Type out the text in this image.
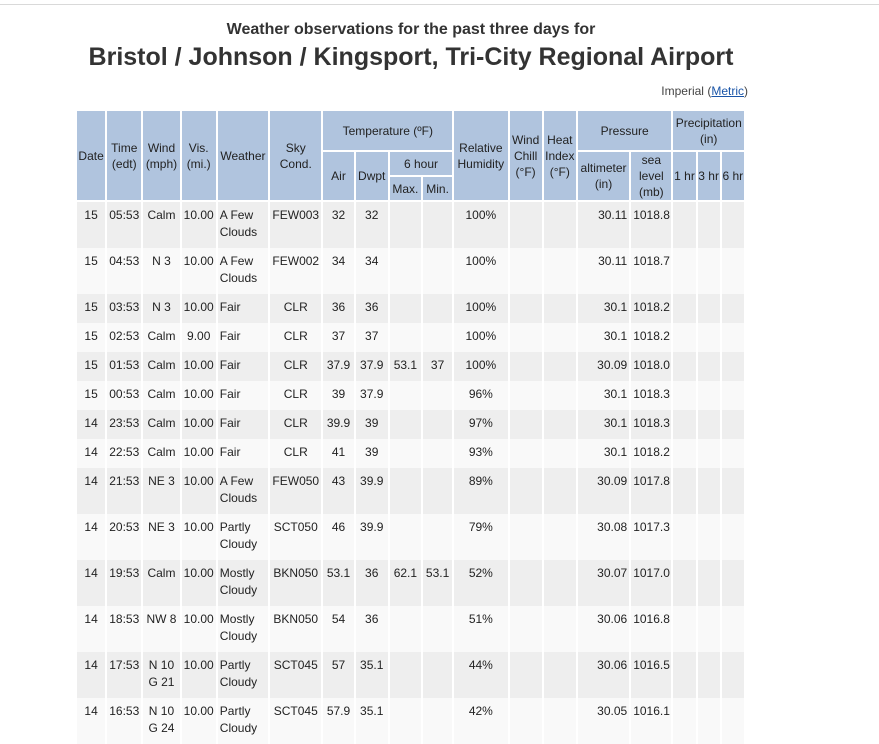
Weather observations for the past three days for
Bristol / Johnson / Kingsport, Tri-City Regional Airport
Imperial (Metric)
Date	Time (edt)	Wind (mph)	Vis. (mi.)	Weather	Sky Cond.	Temperature (ºF)				Relative Humidity	Wind Chill (°F)	Heat Index (°F)	Pressure		Precipitation (in)		
						Air	Dwpt	6 hour					altimeter (in)	sea level (mb)	1 hr	3 hr	6 hr
								Max.	Min.								
15	05:53	Calm	10.00	A Few Clouds	FEW003	32	32			100%			30.11	1018.8			
15	04:53	N 3	10.00	A Few Clouds	FEW002	34	34			100%			30.11	1018.7			
15	03:53	N 3	10.00	Fair	CLR	36	36			100%			30.1	1018.2			
15	02:53	Calm	9.00	Fair	CLR	37	37			100%			30.1	1018.2			
15	01:53	Calm	10.00	Fair	CLR	37.9	37.9	53.1	37	100%			30.09	1018.0			
15	00:53	Calm	10.00	Fair	CLR	39	37.9			96%			30.1	1018.3			
14	23:53	Calm	10.00	Fair	CLR	39.9	39			97%			30.1	1018.3			
14	22:53	Calm	10.00	Fair	CLR	41	39			93%			30.1	1018.2			
14	21:53	NE 3	10.00	A Few Clouds	FEW050	43	39.9			89%			30.09	1017.8			
14	20:53	NE 3	10.00	Partly Cloudy	SCT050	46	39.9			79%			30.08	1017.3			
14	19:53	Calm	10.00	Mostly Cloudy	BKN050	53.1	36	62.1	53.1	52%			30.07	1017.0			
14	18:53	NW 8	10.00	Mostly Cloudy	BKN050	54	36			51%			30.06	1016.8			
14	17:53	N 10 G 21	10.00	Partly Cloudy	SCT045	57	35.1			44%			30.06	1016.5			
14	16:53	N 10 G 24	10.00	Partly Cloudy	SCT045	57.9	35.1			42%			30.05	1016.1			
